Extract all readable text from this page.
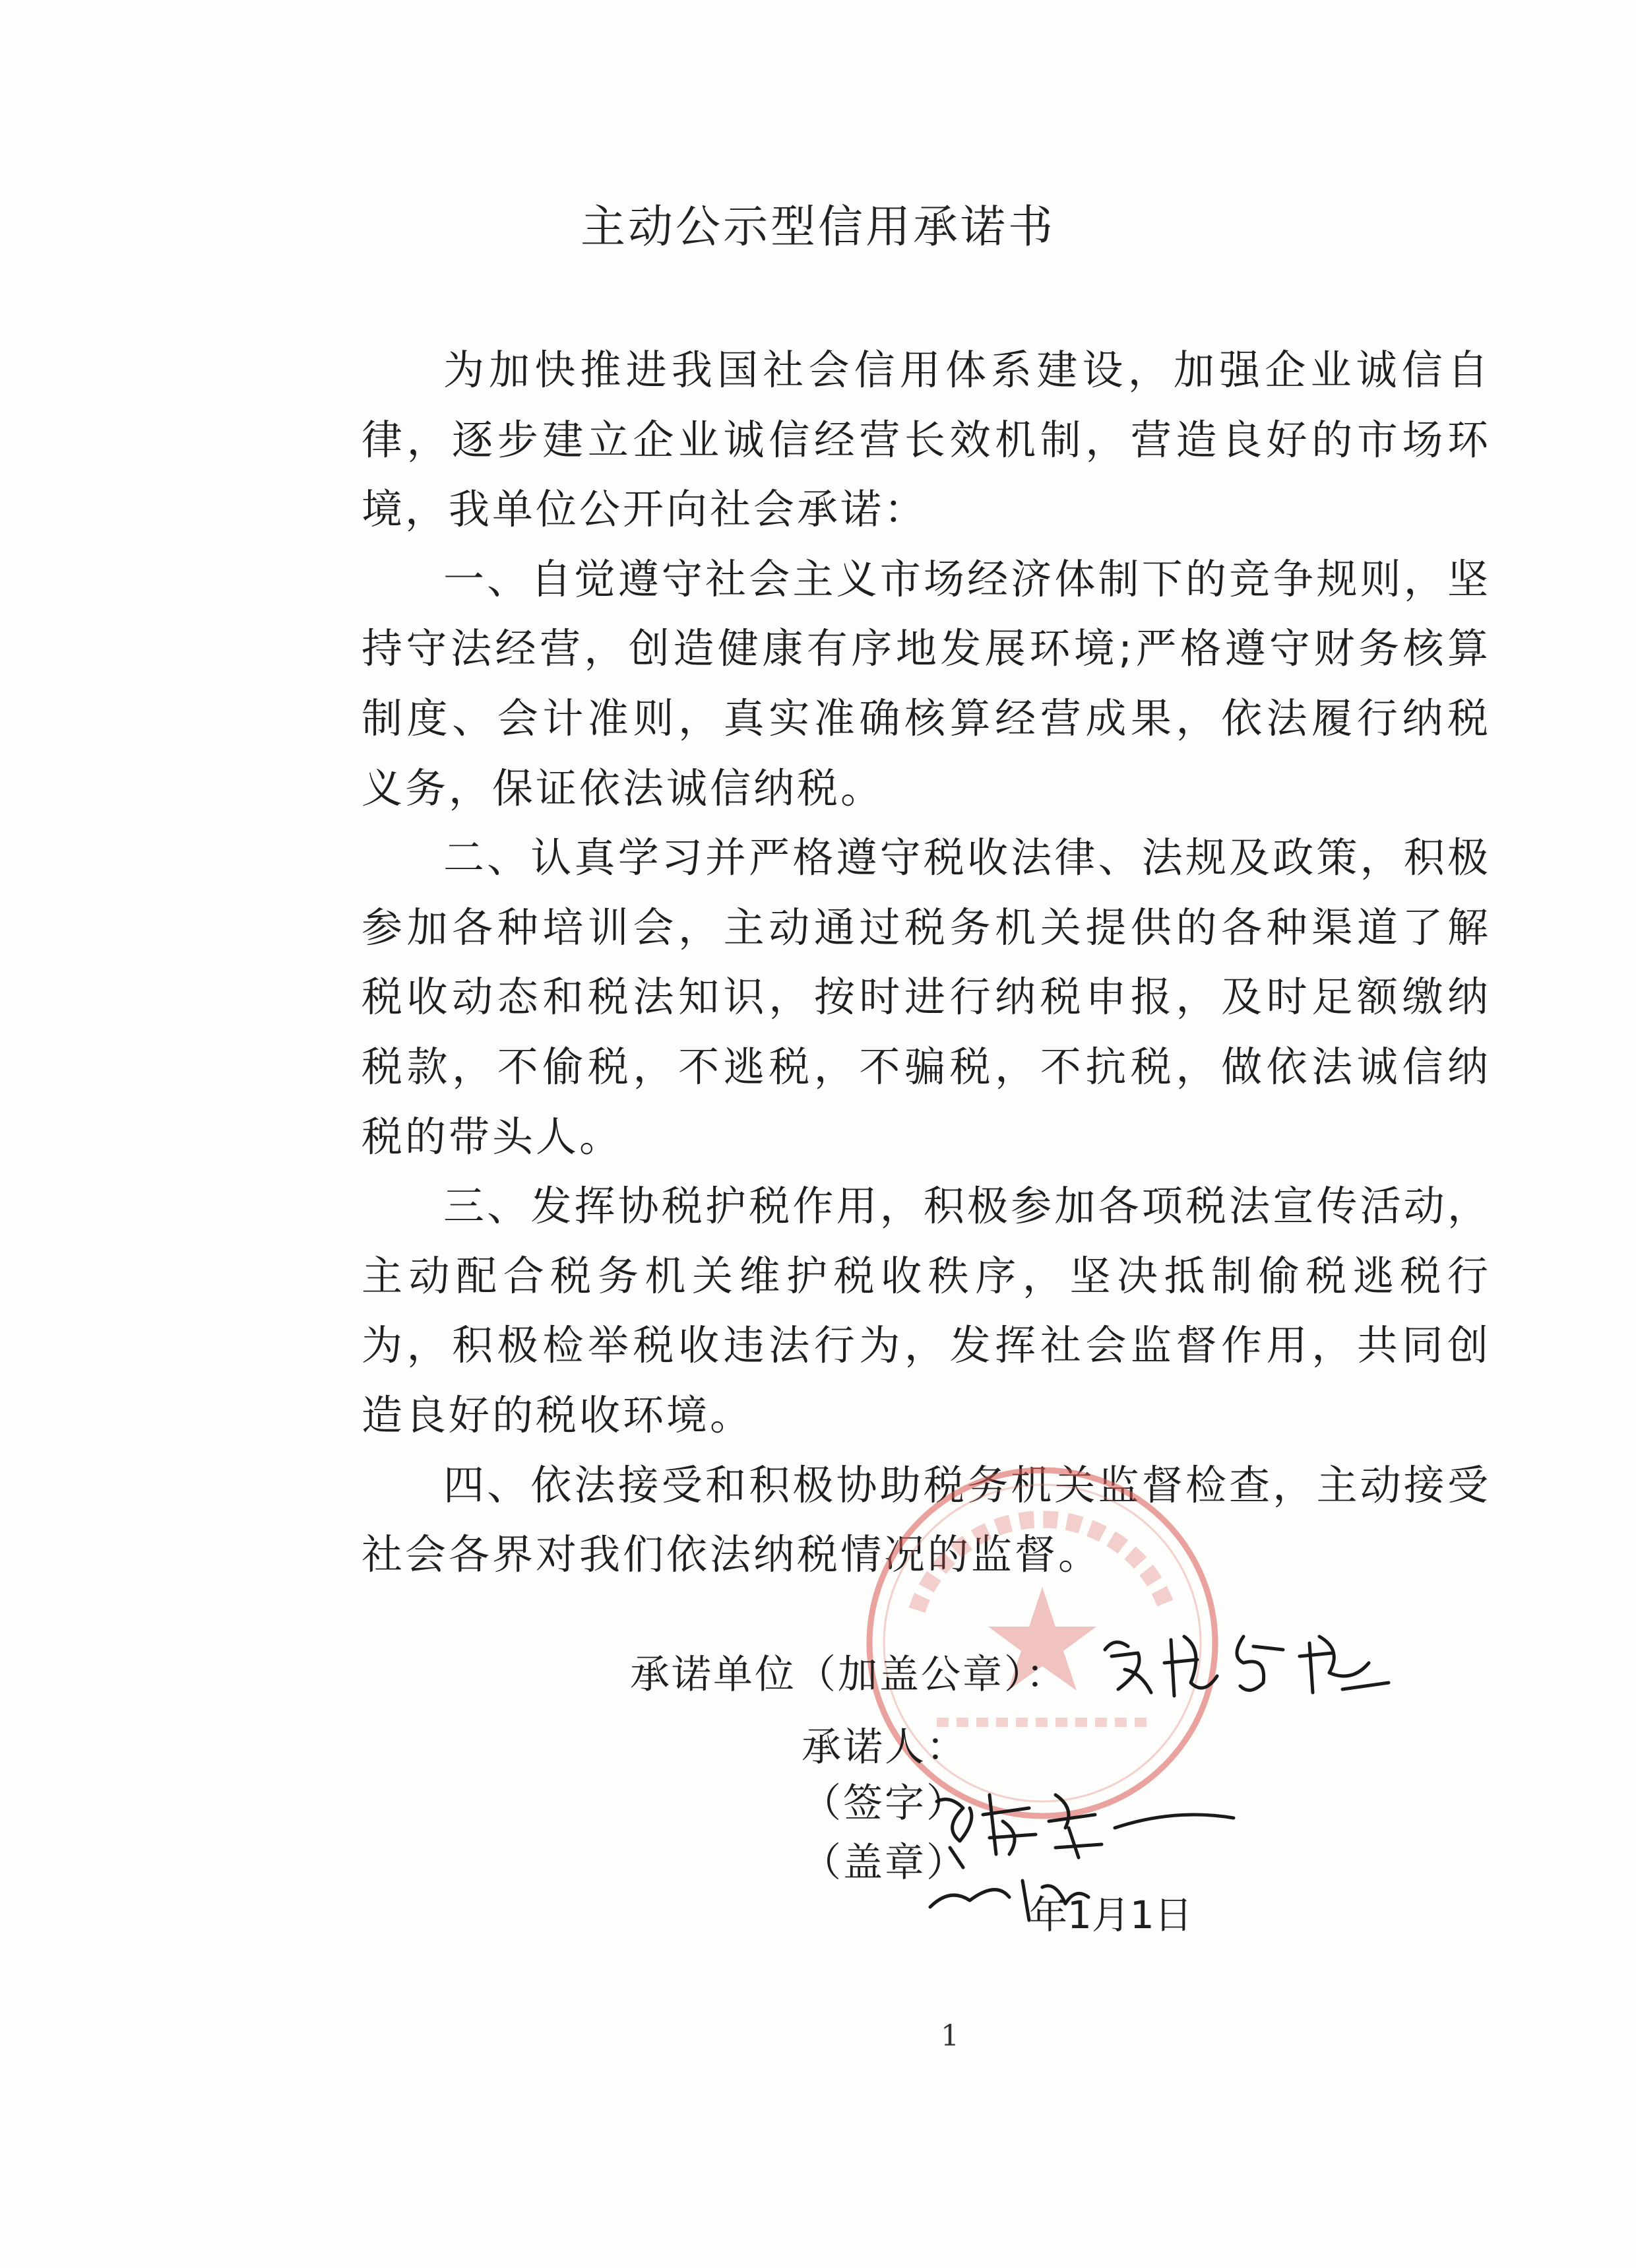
主动公示型信用承诺书

为加快推进我国社会信用体系建设，加强企业诚信自律，逐步建立企业诚信经营长效机制，营造良好的市场环境，我单位公开向社会承诺：

一、自觉遵守社会主义市场经济体制下的竞争规则，坚持守法经营，创造健康有序地发展环境;严格遵守财务核算制度、会计准则，真实准确核算经营成果，依法履行纳税义务，保证依法诚信纳税。

二、认真学习并严格遵守税收法律、法规及政策，积极参加各种培训会，主动通过税务机关提供的各种渠道了解税收动态和税法知识，按时进行纳税申报，及时足额缴纳税款，不偷税，不逃税，不骗税，不抗税，做依法诚信纳税的带头人。

三、发挥协税护税作用，积极参加各项税法宣传活动，主动配合税务机关维护税收秩序，坚决抵制偷税逃税行为，积极检举税收违法行为，发挥社会监督作用，共同创造良好的税收环境。

四、依法接受和积极协助税务机关监督检查，主动接受社会各界对我们依法纳税情况的监督。

承诺单位（加盖公章）：
承诺人：
（签字）
（盖章）
年1月1日
1
